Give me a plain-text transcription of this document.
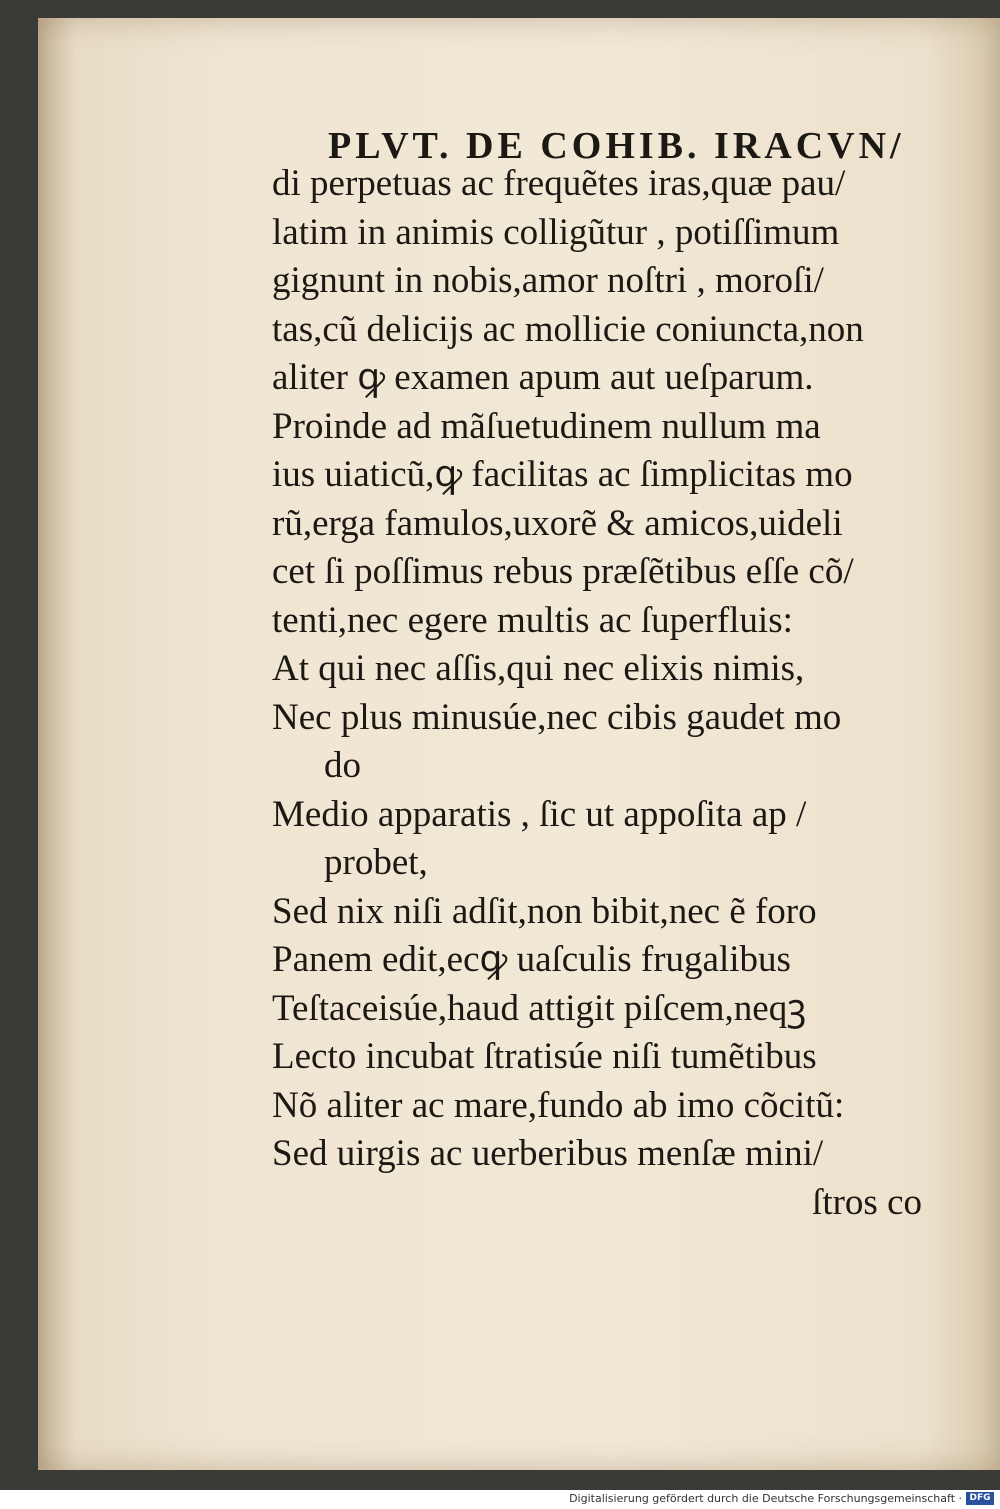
PLVT. DE COHIB. IRACVN/
di perpetuas ac frequẽtes iras,quæ pau/
latim in animis colligũtur , potiſſimum
gignunt in nobis,amor noſtri , moroſi/
tas,cũ delicijs ac mollicie coniuncta,non
aliter ꝙ examen apum aut ueſparum.
Proinde ad mãſuetudinem nullum ma
ius uiaticũ,ꝙ facilitas ac ſimplicitas mo
rũ,erga famulos,uxorẽ & amicos,uideli
cet ſi poſſimus rebus præſẽtibus eſſe cõ/
tenti,nec egere multis ac ſuperfluis:
At qui nec aſſis,qui nec elixis nimis,
Nec plus minusúe,nec cibis gaudet mo
do
Medio apparatis , ſic ut appoſita ap /
probet,
Sed nix niſi adſit,non bibit,nec ẽ foro
Panem edit,ecꝙ uaſculis frugalibus
Teſtaceisúe,haud attigit piſcem,neqꝫ
Lecto incubat ſtratisúe niſi tumẽtibus
Nõ aliter ac mare,fundo ab imo cõcitũ:
Sed uirgis ac uerberibus menſæ mini/
ſtros co
Digitalisierung gefördert durch die Deutsche Forschungsgemeinschaft · DFG
